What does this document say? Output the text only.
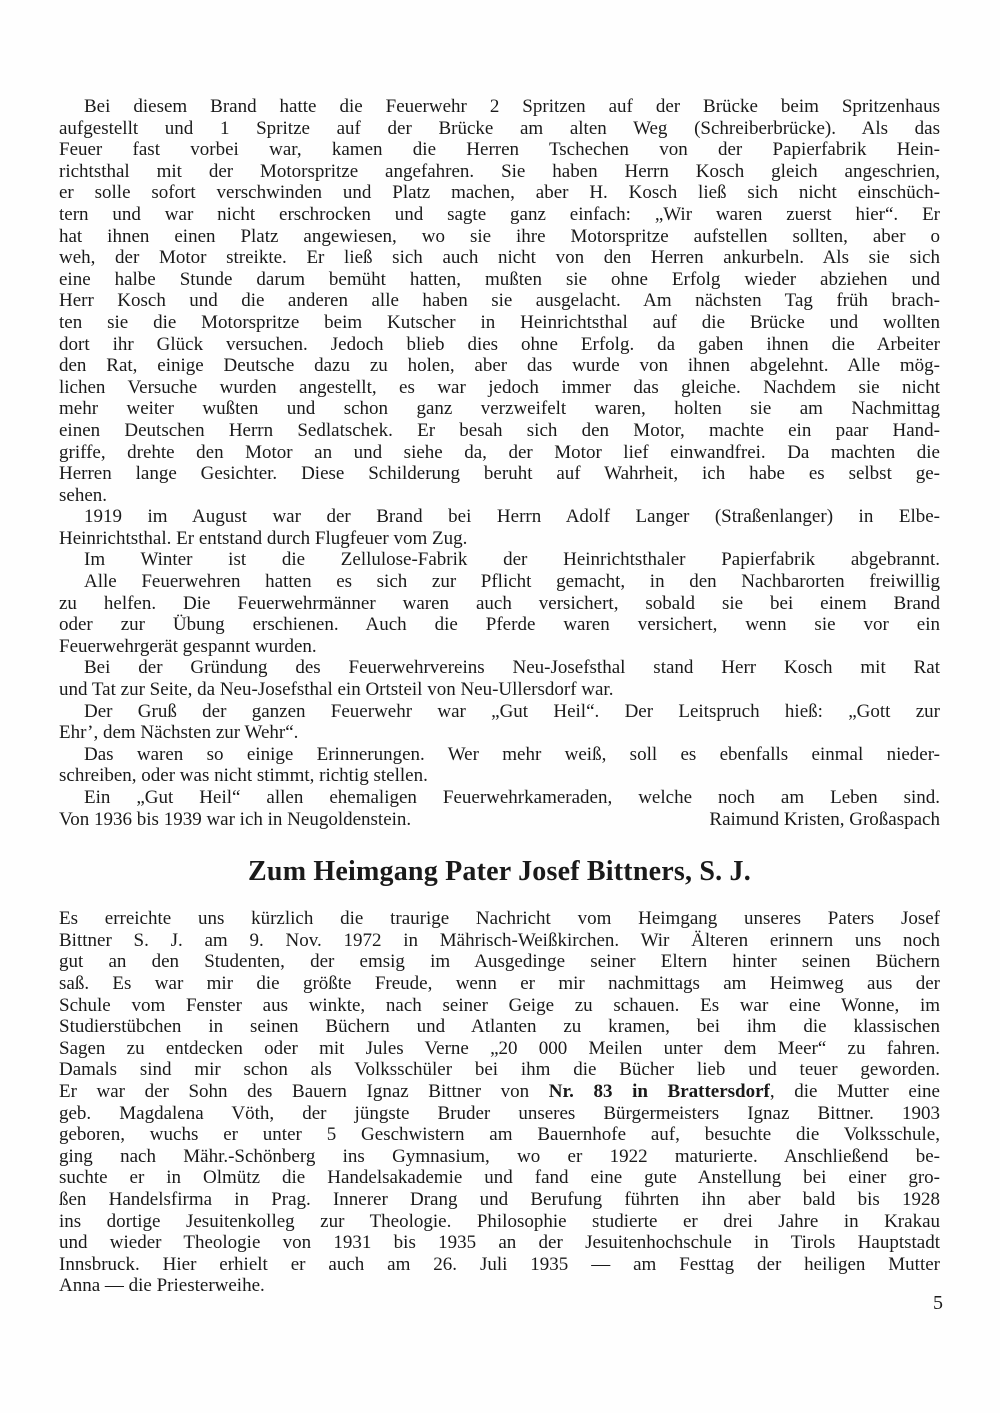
Bei diesem Brand hatte die Feuerwehr 2 Spritzen auf der Brücke beim Spritzenhaus
aufgestellt und 1 Spritze auf der Brücke am alten Weg (Schreiberbrücke). Als das
Feuer fast vorbei war, kamen die Herren Tschechen von der Papierfabrik Hein-
richtsthal mit der Motorspritze angefahren. Sie haben Herrn Kosch gleich angeschrien,
er solle sofort verschwinden und Platz machen, aber H. Kosch ließ sich nicht einschüch-
tern und war nicht erschrocken und sagte ganz einfach: „Wir waren zuerst hier“. Er
hat ihnen einen Platz angewiesen, wo sie ihre Motorspritze aufstellen sollten, aber o
weh, der Motor streikte. Er ließ sich auch nicht von den Herren ankurbeln. Als sie sich
eine halbe Stunde darum bemüht hatten, mußten sie ohne Erfolg wieder abziehen und
Herr Kosch und die anderen alle haben sie ausgelacht. Am nächsten Tag früh brach-
ten sie die Motorspritze beim Kutscher in Heinrichtsthal auf die Brücke und wollten
dort ihr Glück versuchen. Jedoch blieb dies ohne Erfolg. da gaben ihnen die Arbeiter
den Rat, einige Deutsche dazu zu holen, aber das wurde von ihnen abgelehnt. Alle mög-
lichen Versuche wurden angestellt, es war jedoch immer das gleiche. Nachdem sie nicht
mehr weiter wußten und schon ganz verzweifelt waren, holten sie am Nachmittag
einen Deutschen Herrn Sedlatschek. Er besah sich den Motor, machte ein paar Hand-
griffe, drehte den Motor an und siehe da, der Motor lief einwandfrei. Da machten die
Herren lange Gesichter. Diese Schilderung beruht auf Wahrheit, ich habe es selbst ge-
sehen.
1919 im August war der Brand bei Herrn Adolf Langer (Straßenlanger) in Elbe-
Heinrichtsthal. Er entstand durch Flugfeuer vom Zug.
Im Winter ist die Zellulose-Fabrik der Heinrichtsthaler Papierfabrik abgebrannt.
Alle Feuerwehren hatten es sich zur Pflicht gemacht, in den Nachbarorten freiwillig
zu helfen. Die Feuerwehrmänner waren auch versichert, sobald sie bei einem Brand
oder zur Übung erschienen. Auch die Pferde waren versichert, wenn sie vor ein
Feuerwehrgerät gespannt wurden.
Bei der Gründung des Feuerwehrvereins Neu-Josefsthal stand Herr Kosch mit Rat
und Tat zur Seite, da Neu-Josefsthal ein Ortsteil von Neu-Ullersdorf war.
Der Gruß der ganzen Feuerwehr war „Gut Heil“. Der Leitspruch hieß: „Gott zur
Ehr’, dem Nächsten zur Wehr“.
Das waren so einige Erinnerungen. Wer mehr weiß, soll es ebenfalls einmal nieder-
schreiben, oder was nicht stimmt, richtig stellen.
Ein „Gut Heil“ allen ehemaligen Feuerwehrkameraden, welche noch am Leben sind.
Von 1936 bis 1939 war ich in Neugoldenstein.	Raimund Kristen, Großaspach
Zum Heimgang Pater Josef Bittners, S. J.
Es erreichte uns kürzlich die traurige Nachricht vom Heimgang unseres Paters Josef
Bittner S. J. am 9. Nov. 1972 in Mährisch-Weißkirchen. Wir Älteren erinnern uns noch
gut an den Studenten, der emsig im Ausgedinge seiner Eltern hinter seinen Büchern
saß. Es war mir die größte Freude, wenn er mir nachmittags am Heimweg aus der
Schule vom Fenster aus winkte, nach seiner Geige zu schauen. Es war eine Wonne, im
Studierstübchen in seinen Büchern und Atlanten zu kramen, bei ihm die klassischen
Sagen zu entdecken oder mit Jules Verne „20 000 Meilen unter dem Meer“ zu fahren.
Damals sind mir schon als Volksschüler bei ihm die Bücher lieb und teuer geworden.
Er war der Sohn des Bauern Ignaz Bittner von Nr. 83 in Brattersdorf, die Mutter eine
geb. Magdalena Vöth, der jüngste Bruder unseres Bürgermeisters Ignaz Bittner. 1903
geboren, wuchs er unter 5 Geschwistern am Bauernhofe auf, besuchte die Volksschule,
ging nach Mähr.-Schönberg ins Gymnasium, wo er 1922 maturierte. Anschließend be-
suchte er in Olmütz die Handelsakademie und fand eine gute Anstellung bei einer gro-
ßen Handelsfirma in Prag. Innerer Drang und Berufung führten ihn aber bald bis 1928
ins dortige Jesuitenkolleg zur Theologie. Philosophie studierte er drei Jahre in Krakau
und wieder Theologie von 1931 bis 1935 an der Jesuitenhochschule in Tirols Hauptstadt
Innsbruck. Hier erhielt er auch am 26. Juli 1935 — am Festtag der heiligen Mutter
Anna — die Priesterweihe.
5
